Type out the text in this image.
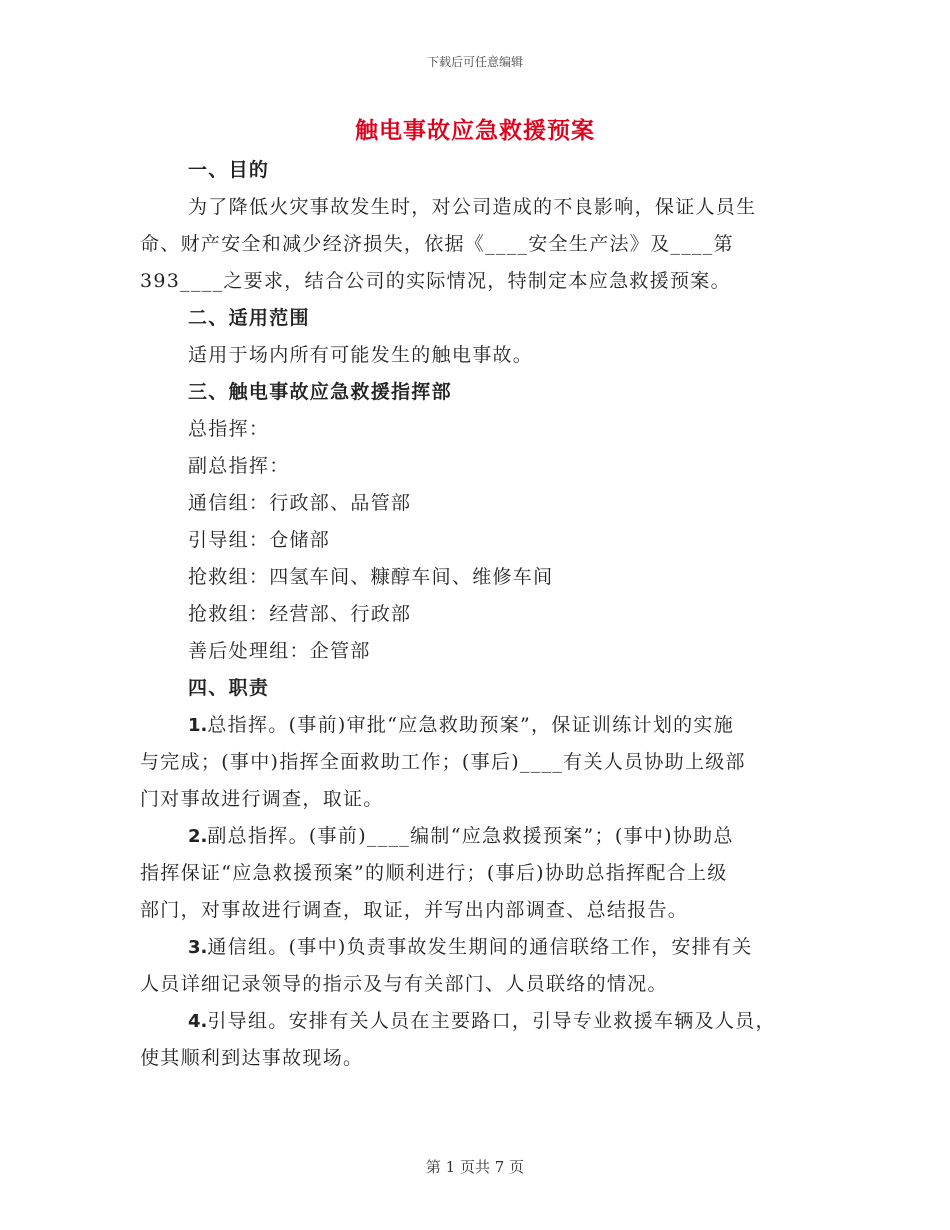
下载后可任意编辑
触电事故应急救援预案
一、目的
为了降低火灾事故发生时，对公司造成的不良影响，保证人员生
命、财产安全和减少经济损失，依据《____安全生产法》及____第
393____之要求，结合公司的实际情况，特制定本应急救援预案。
二、适用范围
适用于场内所有可能发生的触电事故。
三、触电事故应急救援指挥部
总指挥：
副总指挥：
通信组：行政部、品管部
引导组：仓储部
抢救组：四氢车间、糠醇车间、维修车间
抢救组：经营部、行政部
善后处理组：企管部
四、职责
1.总指挥。(事前)审批“应急救助预案”，保证训练计划的实施
与完成；(事中)指挥全面救助工作；(事后)____有关人员协助上级部
门对事故进行调查，取证。
2.副总指挥。(事前)____编制“应急救援预案”；(事中)协助总
指挥保证“应急救援预案”的顺利进行；(事后)协助总指挥配合上级
部门，对事故进行调查，取证，并写出内部调查、总结报告。
3.通信组。(事中)负责事故发生期间的通信联络工作，安排有关
人员详细记录领导的指示及与有关部门、人员联络的情况。
4.引导组。安排有关人员在主要路口，引导专业救援车辆及人员，
使其顺利到达事故现场。
第 1 页共 7 页
